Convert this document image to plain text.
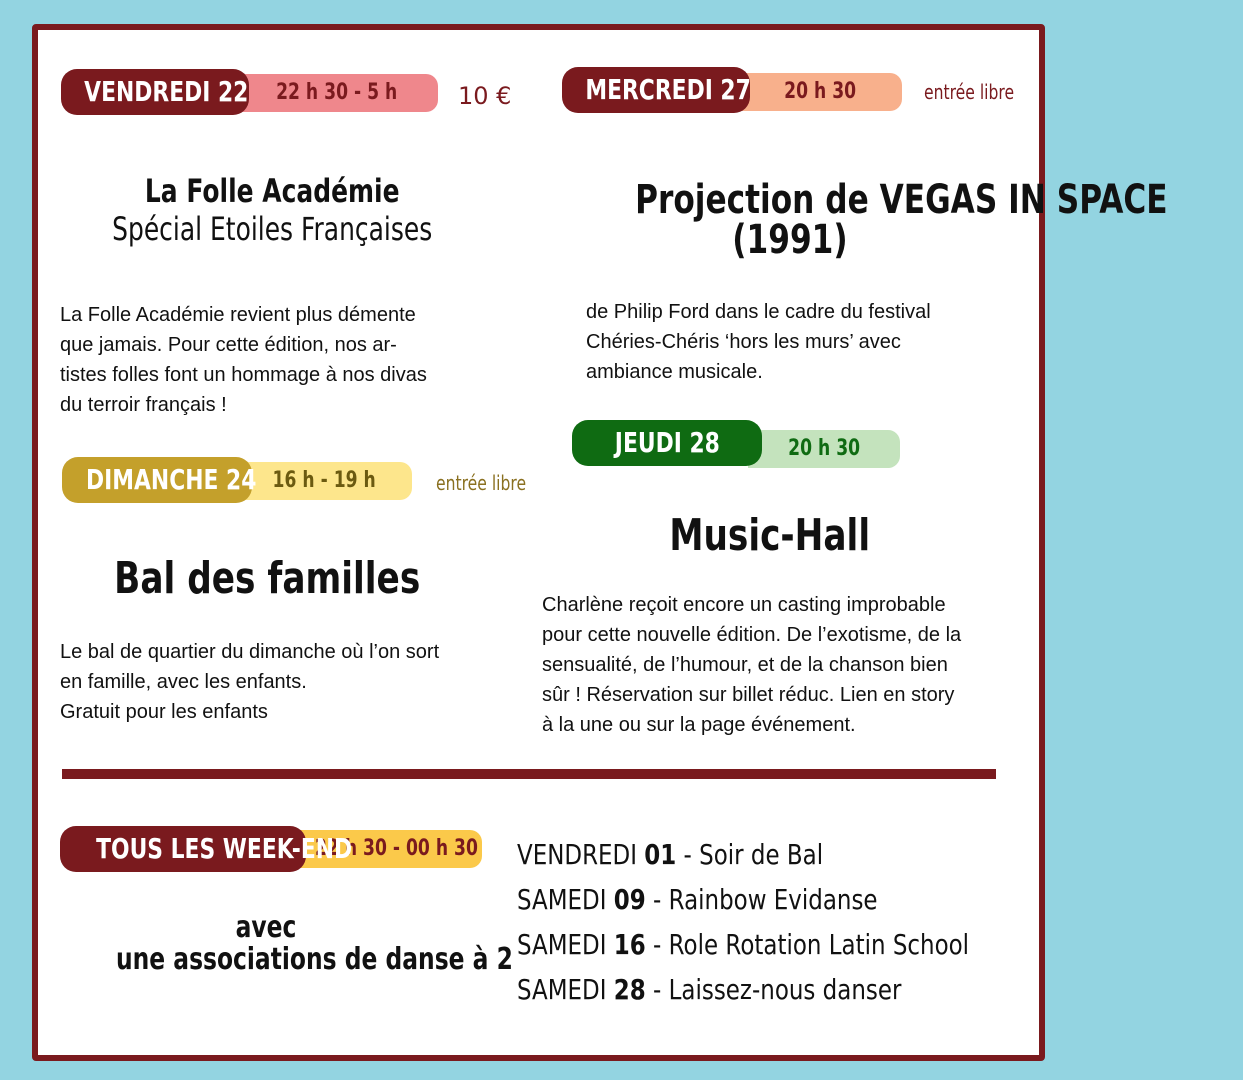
22 h 30 - 5 h
VENDREDI 22	10 €
La Folle Académie
Spécial Etoiles Françaises
La Folle Académie revient plus démente
que jamais. Pour cette édition, nos ar-
tistes folles font un hommage à nos divas
du terroir français !
20 h 30
MERCREDI 27	entrée libre
Projection de VEGAS IN SPACE
(1991)
de Philip Ford dans le cadre du festival
Chéries-Chéris ‘hors les murs’ avec
ambiance musicale.
20 h 30
JEUDI 28
Music-Hall
Charlène reçoit encore un casting improbable
pour cette nouvelle édition. De l’exotisme, de la
sensualité, de l’humour, et de la chanson bien
sûr ! Réservation sur billet réduc. Lien en story
à la une ou sur la page événement.
16 h - 19 h
DIMANCHE 24	entrée libre
Bal des familles
Le bal de quartier du dimanche où l’on sort
en famille, avec les enfants.
Gratuit pour les enfants
22 h 30 - 00 h 30
TOUS LES WEEK-END
avec
une associations de danse à 2
VENDREDI 01 - Soir de Bal
SAMEDI 09 - Rainbow Evidanse
SAMEDI 16 - Role Rotation Latin School
SAMEDI 28 - Laissez-nous danser
